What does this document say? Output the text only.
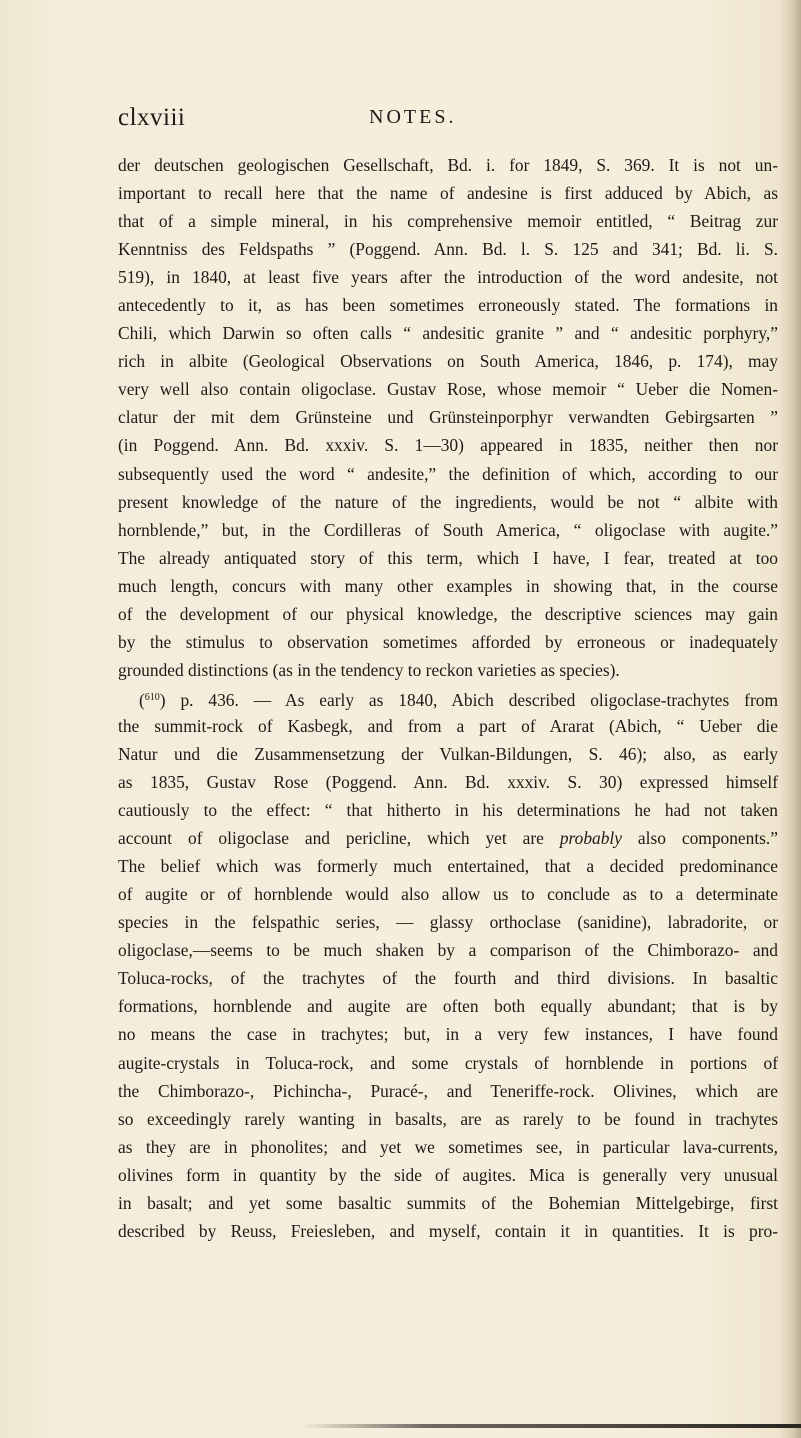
clxviii	NOTES.
der deutschen geologischen Gesellschaft, Bd. i. for 1849, S. 369. It is not un-
important to recall here that the name of andesine is first adduced by Abich, as
that of a simple mineral, in his comprehensive memoir entitled, “ Beitrag zur
Kenntniss des Feldspaths ” (Poggend. Ann. Bd. l. S. 125 and 341; Bd. li. S.
519), in 1840, at least five years after the introduction of the word andesite, not
antecedently to it, as has been sometimes erroneously stated. The formations in
Chili, which Darwin so often calls “ andesitic granite ” and “ andesitic porphyry,”
rich in albite (Geological Observations on South America, 1846, p. 174), may
very well also contain oligoclase. Gustav Rose, whose memoir “ Ueber die Nomen-
clatur der mit dem Grünsteine und Grünsteinporphyr verwandten Gebirgsarten ”
(in Poggend. Ann. Bd. xxxiv. S. 1—30) appeared in 1835, neither then nor
subsequently used the word “ andesite,” the definition of which, according to our
present knowledge of the nature of the ingredients, would be not “ albite with
hornblende,” but, in the Cordilleras of South America, “ oligoclase with augite.”
The already antiquated story of this term, which I have, I fear, treated at too
much length, concurs with many other examples in showing that, in the course
of the development of our physical knowledge, the descriptive sciences may gain
by the stimulus to observation sometimes afforded by erroneous or inadequately
grounded distinctions (as in the tendency to reckon varieties as species).
($^{610}$) p. 436. — As early as 1840, Abich described oligoclase-trachytes from
the summit-rock of Kasbegk, and from a part of Ararat (Abich, “ Ueber die
Natur und die Zusammensetzung der Vulkan-Bildungen, S. 46); also, as early
as 1835, Gustav Rose (Poggend. Ann. Bd. xxxiv. S. 30) expressed himself
cautiously to the effect: “ that hitherto in his determinations he had not taken
account of oligoclase and pericline, which yet are probably also components.”
The belief which was formerly much entertained, that a decided predominance
of augite or of hornblende would also allow us to conclude as to a determinate
species in the felspathic series, — glassy orthoclase (sanidine), labradorite, or
oligoclase,—seems to be much shaken by a comparison of the Chimborazo- and
Toluca-rocks, of the trachytes of the fourth and third divisions. In basaltic
formations, hornblende and augite are often both equally abundant; that is by
no means the case in trachytes; but, in a very few instances, I have found
augite-crystals in Toluca-rock, and some crystals of hornblende in portions of
the Chimborazo-, Pichincha-, Puracé-, and Teneriffe-rock. Olivines, which are
so exceedingly rarely wanting in basalts, are as rarely to be found in trachytes
as they are in phonolites; and yet we sometimes see, in particular lava-currents,
olivines form in quantity by the side of augites. Mica is generally very unusual
in basalt; and yet some basaltic summits of the Bohemian Mittelgebirge, first
described by Reuss, Freiesleben, and myself, contain it in quantities. It is pro-
